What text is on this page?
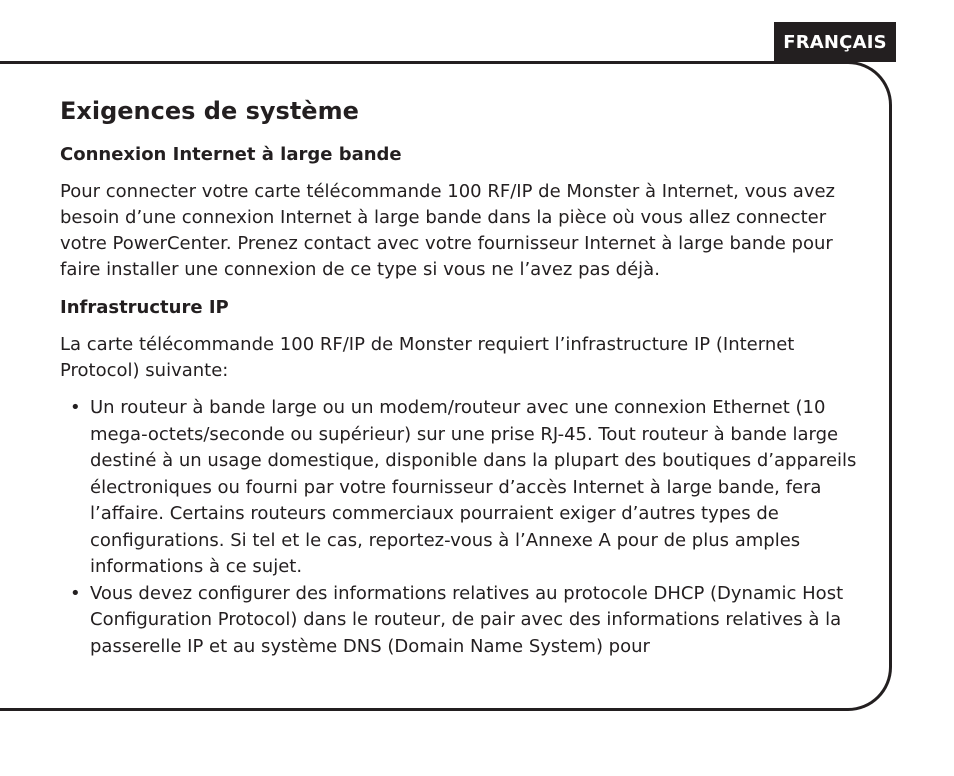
FRANÇAIS
Exigences de système
Connexion Internet à large bande

Pour connecter votre carte télécommande 100 RF/IP de Monster à Internet, vous avez besoin d’une connexion Internet à large bande dans la pièce où vous allez connecter votre PowerCenter. Prenez contact avec votre fournisseur Internet à large bande pour faire installer une connexion de ce type si vous ne l’avez pas déjà.

Infrastructure IP

La carte télécommande 100 RF/IP de Monster requiert l’infrastructure IP (Internet Protocol) suivante:

• Un routeur à bande large ou un modem/routeur avec une connexion Ethernet (10 mega-octets/seconde ou supérieur) sur une prise RJ-45. Tout routeur à bande large destiné à un usage domestique, disponible dans la plupart des boutiques d’appareils électroniques ou fourni par votre fournisseur d’accès Internet à large bande, fera l’affaire. Certains routeurs commerciaux pourraient exiger d’autres types de configurations. Si tel et le cas, reportez-vous à l’Annexe A pour de plus amples informations à ce sujet.
• Vous devez configurer des informations relatives au protocole DHCP (Dynamic Host Configuration Protocol) dans le routeur, de pair avec des informations relatives à la passerelle IP et au système DNS (Domain Name System) pour
